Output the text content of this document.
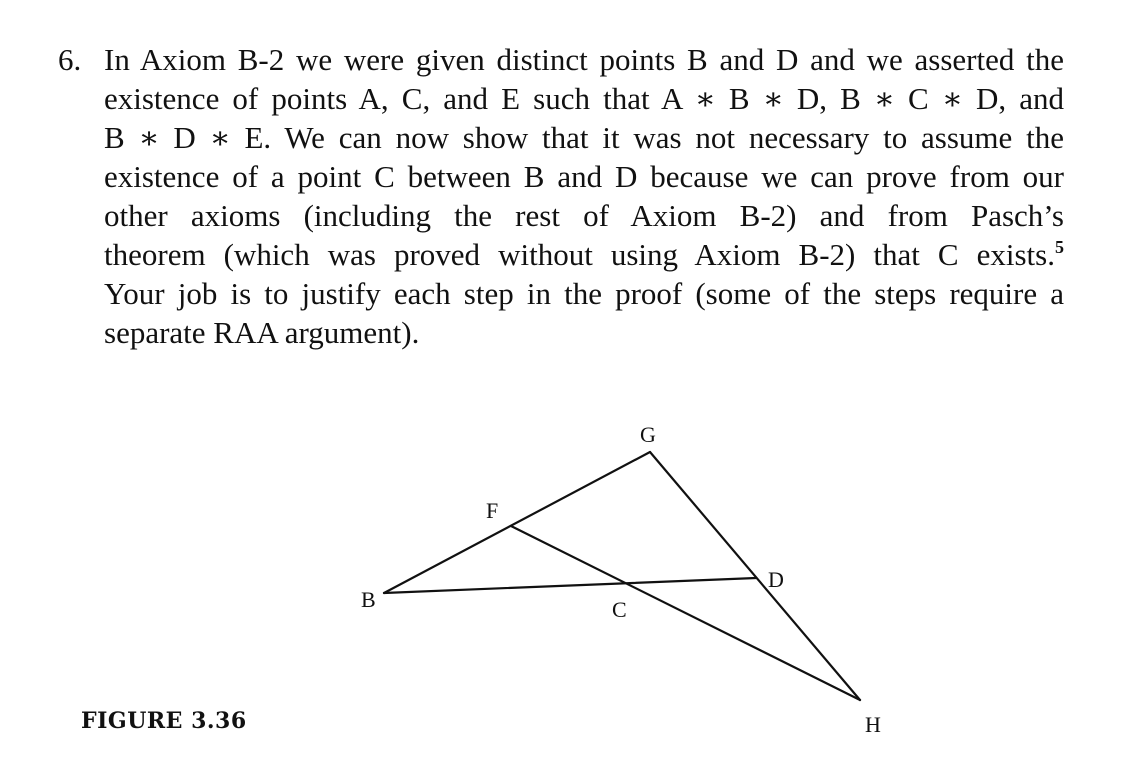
6. In Axiom B-2 we were given distinct points B and D and we asserted the
existence of points A, C, and E such that A ∗ B ∗ D, B ∗ C ∗ D, and
B ∗ D ∗ E. We can now show that it was not necessary to assume the
existence of a point C between B and D because we can prove from our
other axioms (including the rest of Axiom B-2) and from Pasch’s
theorem (which was proved without using Axiom B-2) that C exists.$^5$
Your job is to justify each step in the proof (some of the steps require a
separate RAA argument).
G
F
B	C
D
H
FIGURE 3.36
